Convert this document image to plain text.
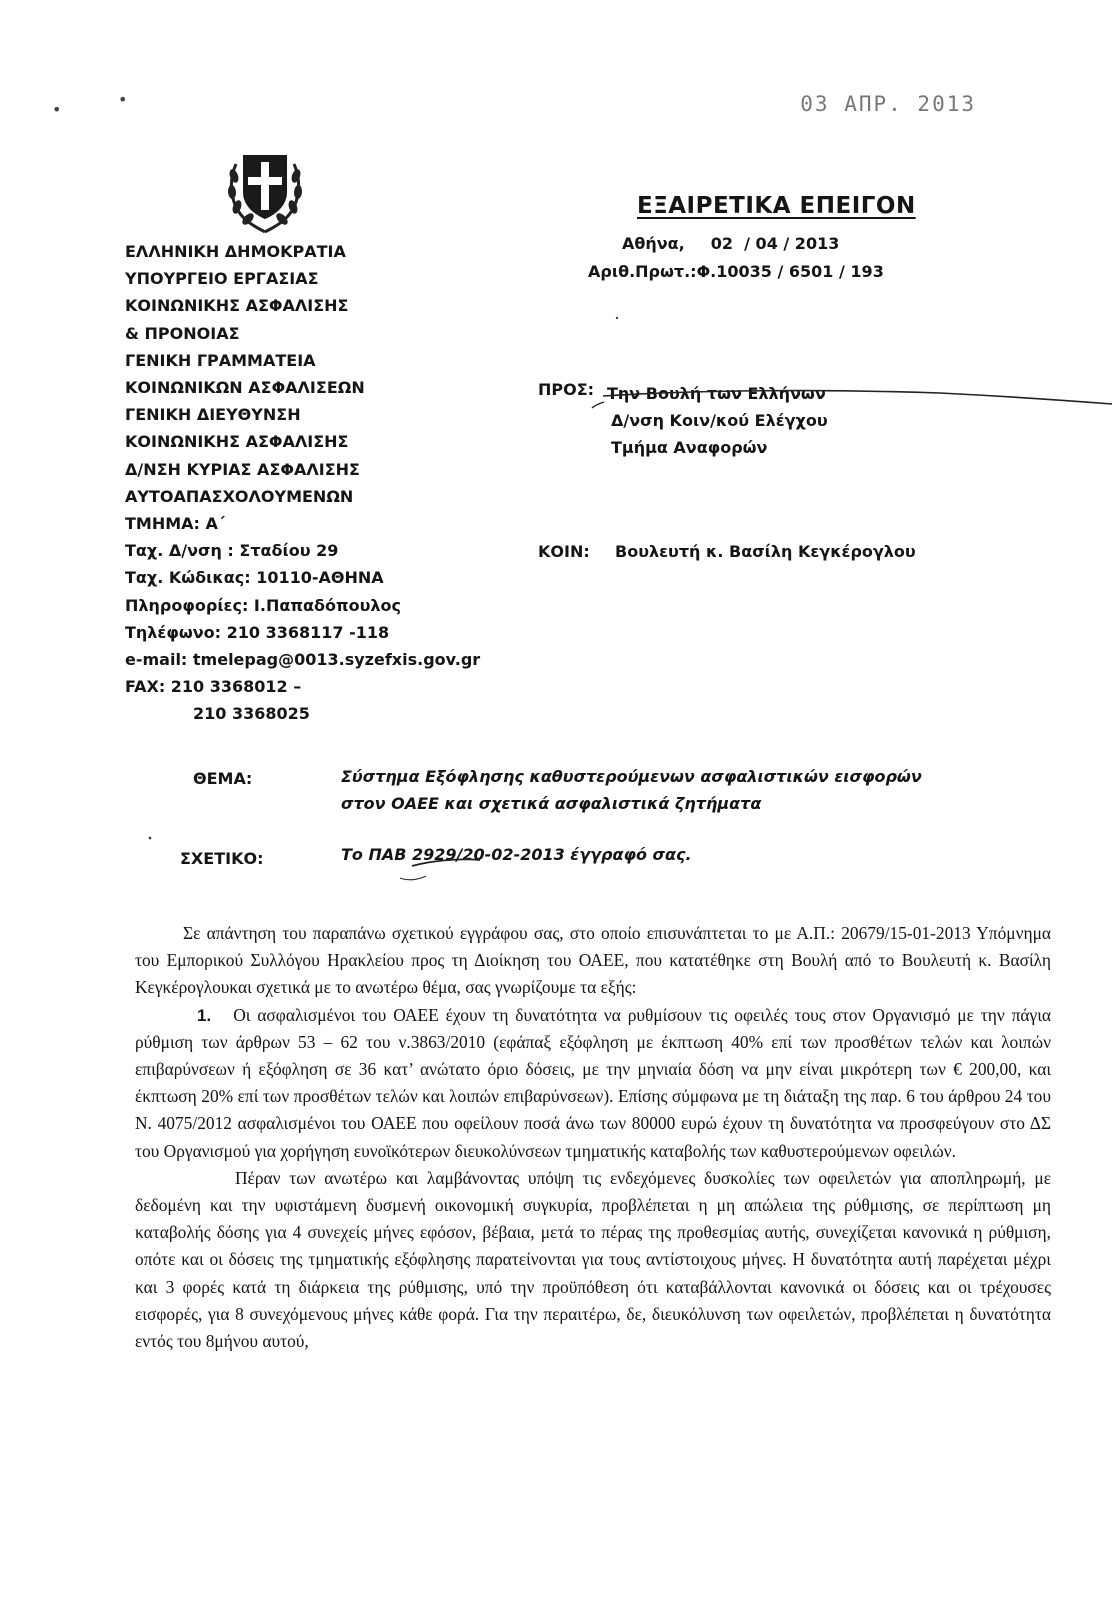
•
•	03 ΑΠΡ. 2013
ΕΛΛΗΝΙΚΗ ΔΗΜΟΚΡΑΤΙΑ
ΥΠΟΥΡΓΕΙΟ ΕΡΓΑΣΙΑΣ
ΚΟΙΝΩΝΙΚΗΣ ΑΣΦΑΛΙΣΗΣ
& ΠΡΟΝΟΙΑΣ
ΓΕΝΙΚΗ ΓΡΑΜΜΑΤΕΙΑ
ΚΟΙΝΩΝΙΚΩΝ ΑΣΦΑΛΙΣΕΩΝ
ΓΕΝΙΚΗ ΔΙΕΥΘΥΝΣΗ
ΚΟΙΝΩΝΙΚΗΣ ΑΣΦΑΛΙΣΗΣ
Δ/ΝΣΗ ΚΥΡΙΑΣ ΑΣΦΑΛΙΣΗΣ
ΑΥΤΟΑΠΑΣΧΟΛΟΥΜΕΝΩΝ
ΤΜΗΜΑ: Α΄
Ταχ. Δ/νση : Σταδίου 29
Ταχ. Κώδικας: 10110-ΑΘΗΝΑ
Πληροφορίες: Ι.Παπαδόπουλος
Τηλέφωνο: 210 3368117 -118
e-mail: tmelepag@0013.syzefxis.gov.gr
FAX: 210 3368012 –
210 3368025
ΕΞΑΙΡΕΤΙΚΑ ΕΠΕΙΓΟΝ
Αθήνα, 02 / 04 / 2013
Αριθ.Πρωτ.:Φ.10035 / 6501 / 193
ΠΡΟΣ: Την Βουλή των Ελλήνων
Δ/νση Κοιν/κού Ελέγχου
Τμήμα Αναφορών
ΚΟΙΝ: Βουλευτή κ. Βασίλη Κεγκέρογλου
ΘΕΜΑ:	Σύστημα Εξόφλησης καθυστερούμενων ασφαλιστικών εισφορών
στον ΟΑΕΕ και σχετικά ασφαλιστικά ζητήματα
ΣΧΕΤΙΚΟ:	Το ΠΑΒ 2929/20-02-2013 έγγραφό σας.

Σε απάντηση του παραπάνω σχετικού εγγράφου σας, στο οποίο επισυνάπτεται το με Α.Π.: 20679/15-01-2013 Υπόμνημα του Εμπορικού Συλλόγου Ηρακλείου προς τη Διοίκηση του ΟΑΕΕ, που κατατέθηκε στη Βουλή από το Βουλευτή κ. Βασίλη Κεγκέρογλουκαι σχετικά με το ανωτέρω θέμα, σας γνωρίζουμε τα εξής:

1. Οι ασφαλισμένοι του ΟΑΕΕ έχουν τη δυνατότητα να ρυθμίσουν τις οφειλές τους στον Οργανισμό με την πάγια ρύθμιση των άρθρων 53 – 62 του ν.3863/2010 (εφάπαξ εξόφληση με έκπτωση 40% επί των προσθέτων τελών και λοιπών επιβαρύνσεων ή εξόφληση σε 36 κατ’ ανώτατο όριο δόσεις, με την μηνιαία δόση να μην είναι μικρότερη των € 200,00, και έκπτωση 20% επί των προσθέτων τελών και λοιπών επιβαρύνσεων). Επίσης σύμφωνα με τη διάταξη της παρ. 6 του άρθρου 24 του Ν. 4075/2012 ασφαλισμένοι του ΟΑΕΕ που οφείλουν ποσά άνω των 80000 ευρώ έχουν τη δυνατότητα να προσφεύγουν στο ΔΣ του Οργανισμού για χορήγηση ευνοϊκότερων διευκολύνσεων τμηματικής καταβολής των καθυστερούμενων οφειλών.

Πέραν των ανωτέρω και λαμβάνοντας υπόψη τις ενδεχόμενες δυσκολίες των οφειλετών για αποπληρωμή, με δεδομένη και την υφιστάμενη δυσμενή οικονομική συγκυρία, προβλέπεται η μη απώλεια της ρύθμισης, σε περίπτωση μη καταβολής δόσης για 4 συνεχείς μήνες εφόσον, βέβαια, μετά το πέρας της προθεσμίας αυτής, συνεχίζεται κανονικά η ρύθμιση, οπότε και οι δόσεις της τμηματικής εξόφλησης παρατείνονται για τους αντίστοιχους μήνες. Η δυνατότητα αυτή παρέχεται μέχρι και 3 φορές κατά τη διάρκεια της ρύθμισης, υπό την προϋπόθεση ότι καταβάλλονται κανονικά οι δόσεις και οι τρέχουσες εισφορές, για 8 συνεχόμενους μήνες κάθε φορά. Για την περαιτέρω, δε, διευκόλυνση των οφειλετών, προβλέπεται η δυνατότητα εντός του 8μήνου αυτού,
